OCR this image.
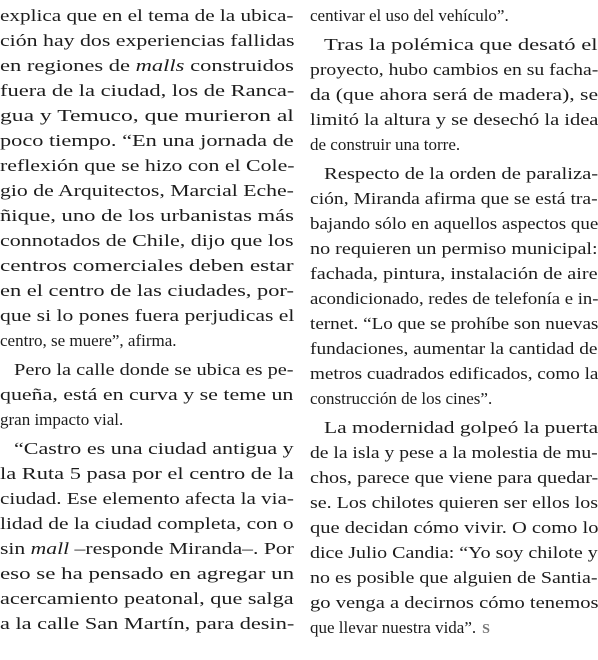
explica que en el tema de la ubica-

ción hay dos experiencias fallidas

en regiones de malls construidos

fuera de la ciudad, los de Ranca-

gua y Temuco, que murieron al

poco tiempo. “En una jornada de

reflexión que se hizo con el Cole-

gio de Arquitectos, Marcial Eche-

ñique, uno de los urbanistas más

connotados de Chile, dijo que los

centros comerciales deben estar

en el centro de las ciudades, por-

que si lo pones fuera perjudicas el

centro, se muere”, afirma.

Pero la calle donde se ubica es pe-

queña, está en curva y se teme un

gran impacto vial.

“Castro es una ciudad antigua y

la Ruta 5 pasa por el centro de la

ciudad. Ese elemento afecta la via-

lidad de la ciudad completa, con o

sin mall –responde Miranda–. Por

eso se ha pensado en agregar un

acercamiento peatonal, que salga

a la calle San Martín, para desin-

centivar el uso del vehículo”.

Tras la polémica que desató el

proyecto, hubo cambios en su facha-

da (que ahora será de madera), se

limitó la altura y se desechó la idea

de construir una torre.

Respecto de la orden de paraliza-

ción, Miranda afirma que se está tra-

bajando sólo en aquellos aspectos que

no requieren un permiso municipal:

fachada, pintura, instalación de aire

acondicionado, redes de telefonía e in-

ternet. “Lo que se prohíbe son nuevas

fundaciones, aumentar la cantidad de

metros cuadrados edificados, como la

construcción de los cines”.

La modernidad golpeó la puerta

de la isla y pese a la molestia de mu-

chos, parece que viene para quedar-

se. Los chilotes quieren ser ellos los

que decidan cómo vivir. O como lo

dice Julio Candia: “Yo soy chilote y

no es posible que alguien de Santia-

go venga a decirnos cómo tenemos

que llevar nuestra vida”. S
